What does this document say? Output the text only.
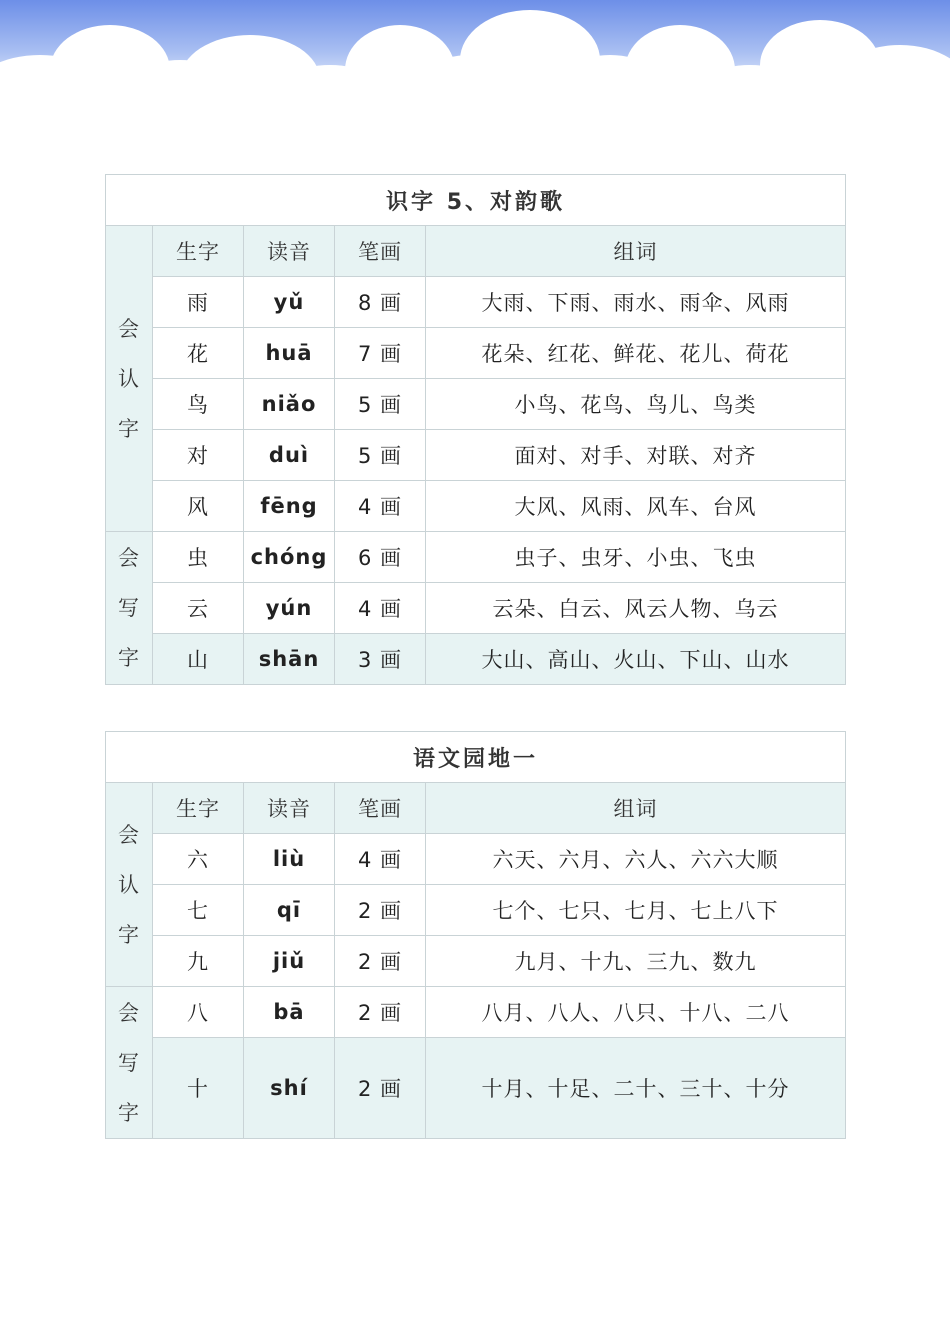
识字 5、对韵歌				

会
认
字	生字	读音	笔画	组词
	雨	yǔ	8 画	大雨、下雨、雨水、雨伞、风雨
	花	huā	7 画	花朵、红花、鲜花、花儿、荷花
	鸟	niǎo	5 画	小鸟、花鸟、鸟儿、鸟类
	对	duì	5 画	面对、对手、对联、对齐
	风	fēng	4 画	大风、风雨、风车、台风

会
写
字	虫	chóng	6 画	虫子、虫牙、小虫、飞虫
	云	yún	4 画	云朵、白云、风云人物、乌云
	山	shān	3 画	大山、高山、火山、下山、山水
语文园地一				

会
认
字	生字	读音	笔画	组词
	六	liù	4 画	六天、六月、六人、六六大顺
	七	qī	2 画	七个、七只、七月、七上八下
	九	jiǔ	2 画	九月、十九、三九、数九

会
写
字	八	bā	2 画	八月、八人、八只、十八、二八
	十	shí	2 画	十月、十足、二十、三十、十分
